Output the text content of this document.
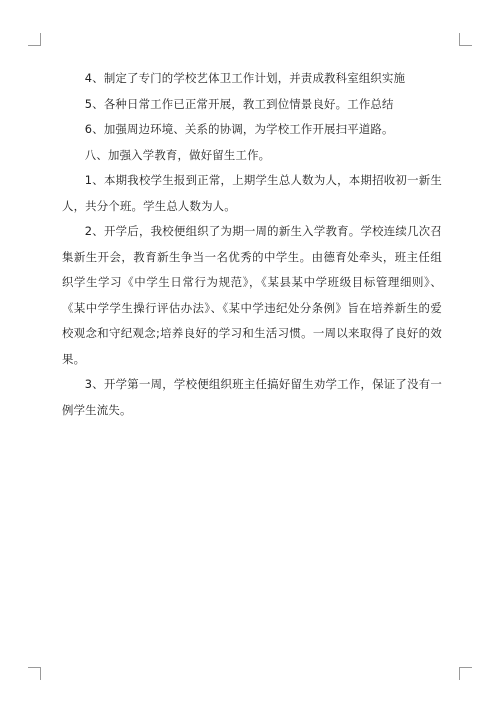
4、制定了专门的学校艺体卫工作计划，并责成教科室组织实施

5、各种日常工作已正常开展，教工到位情景良好。工作总结

6、加强周边环境、关系的协调，为学校工作开展扫平道路。

八、加强入学教育，做好留生工作。

1、本期我校学生报到正常，上期学生总人数为人，本期招收初一新生人，共分个班。学生总人数为人。

2、开学后，我校便组织了为期一周的新生入学教育。学校连续几次召集新生开会，教育新生争当一名优秀的中学生。由德育处牵头，班主任组织学生学习《中学生日常行为规范》，《某县某中学班级目标管理细则》、《某中学学生操行评估办法》、《某中学违纪处分条例》旨在培养新生的爱校观念和守纪观念;培养良好的学习和生活习惯。一周以来取得了良好的效果。

3、开学第一周，学校便组织班主任搞好留生劝学工作，保证了没有一例学生流失。
